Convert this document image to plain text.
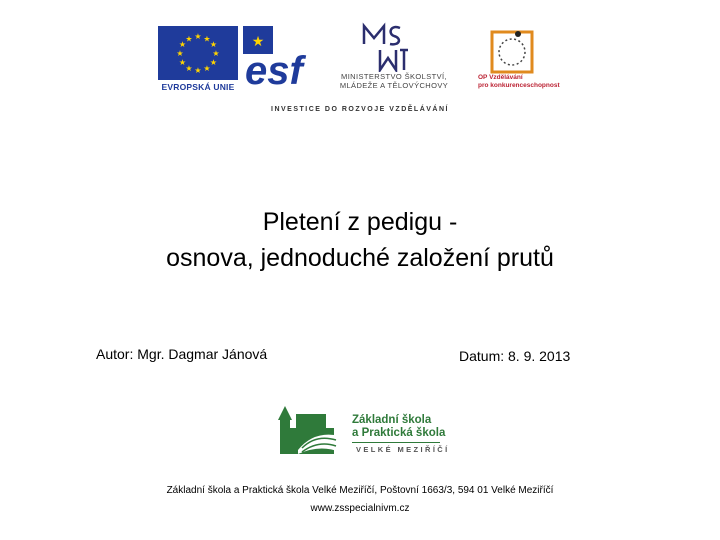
★ ★
★
★
★
★
★
★
★
★
★
★
EVROPSKÁ UNIE
★
esf	MINISTERSTVO ŠKOLSTVÍ,
MLÁDEŽE A TĚLOVÝCHOVY
OP Vzdělávání
pro konkurenceschopnost
INVESTICE DO ROZVOJE VZDĚLÁVÁNÍ
Pletení z pedigu -
osnova, jednoduché založení prutů
Autor: Mgr. Dagmar Jánová	Datum: 8. 9. 2013
Základní škola
a Praktická škola
VELKÉ MEZIŘÍČÍ
Základní škola a Praktická škola Velké Meziříčí, Poštovní 1663/3, 594 01 Velké Meziříčí
www.zsspecialnivm.cz
